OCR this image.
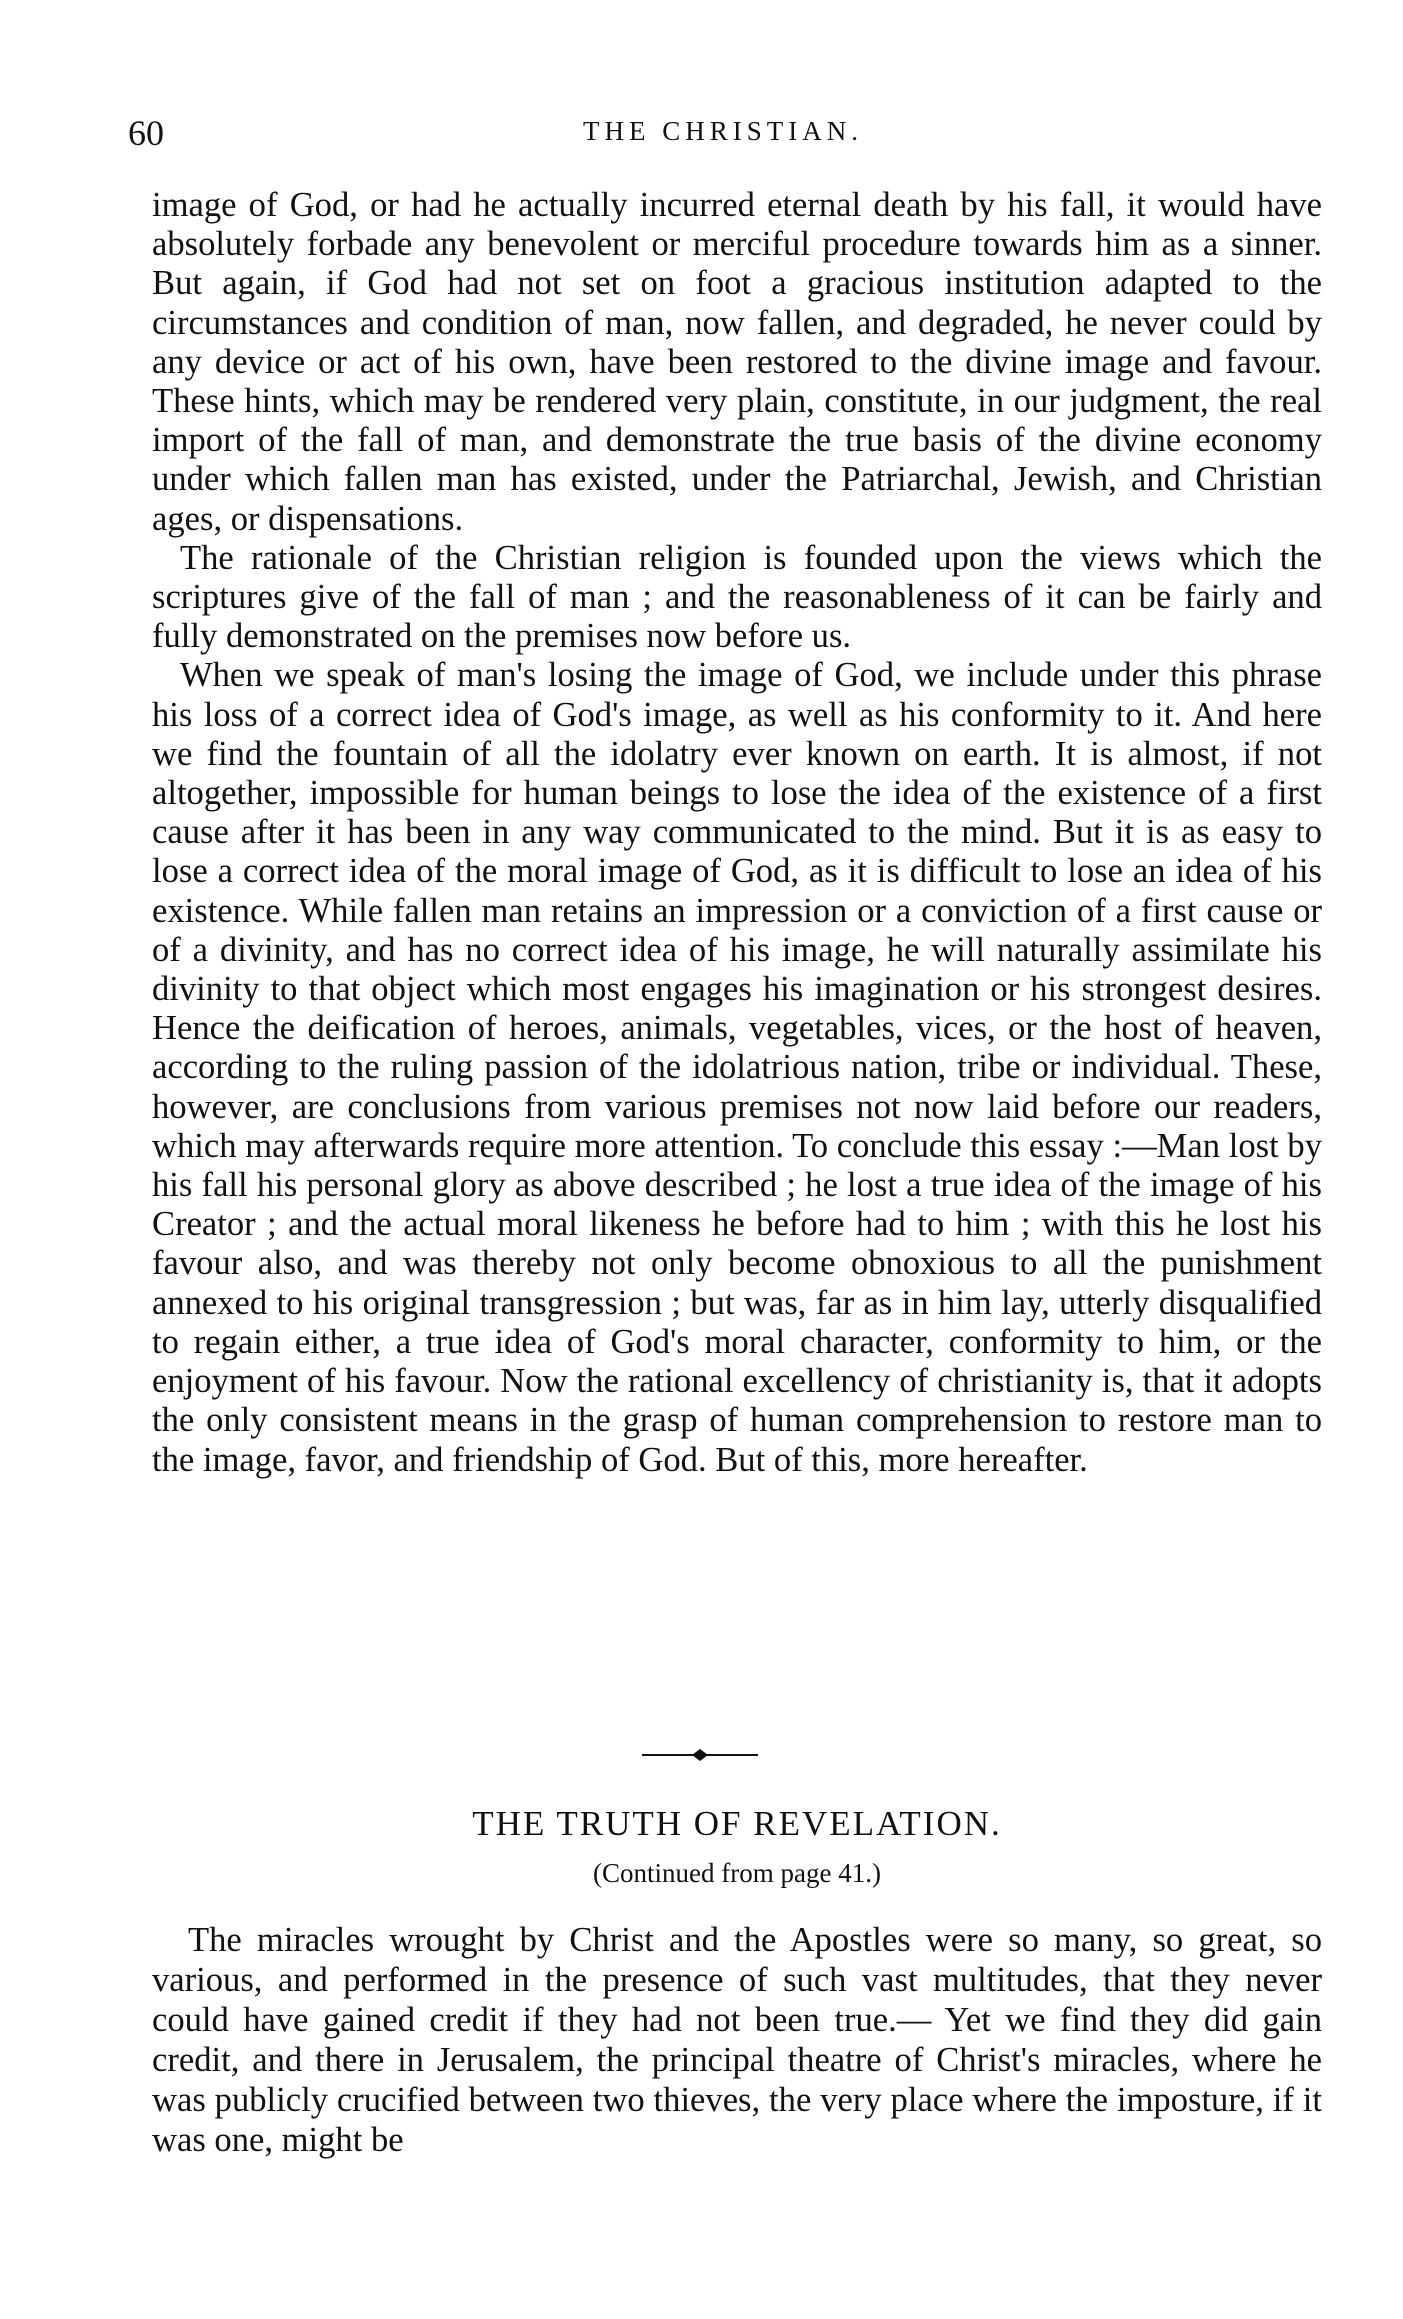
60	THE CHRISTIAN.

image of God, or had he actually incurred eternal death by his fall, it would have absolutely forbade any benevolent or merciful procedure towards him as a sinner. But again, if God had not set on foot a gracious institution adapted to the circumstances and condition of man, now fallen, and degraded, he never could by any device or act of his own, have been restored to the divine image and favour. These hints, which may be rendered very plain, constitute, in our judgment, the real import of the fall of man, and demonstrate the true basis of the divine economy under which fallen man has existed, under the Patriarchal, Jewish, and Christian ages, or dispensations.

The rationale of the Christian religion is founded upon the views which the scriptures give of the fall of man ; and the reasonableness of it can be fairly and fully demonstrated on the premises now before us.

When we speak of man's losing the image of God, we include under this phrase his loss of a correct idea of God's image, as well as his conformity to it. And here we find the fountain of all the idolatry ever known on earth. It is almost, if not altogether, impossible for human beings to lose the idea of the existence of a first cause after it has been in any way communicated to the mind. But it is as easy to lose a correct idea of the moral image of God, as it is difficult to lose an idea of his existence. While fallen man retains an impression or a conviction of a first cause or of a divinity, and has no correct idea of his image, he will naturally assimilate his divinity to that object which most engages his imagination or his strongest desires. Hence the deification of heroes, animals, vegetables, vices, or the host of heaven, according to the ruling passion of the idolatrious nation, tribe or individual. These, however, are conclusions from various premises not now laid before our readers, which may afterwards require more attention. To conclude this essay :—Man lost by his fall his personal glory as above described ; he lost a true idea of the image of his Creator ; and the actual moral likeness he before had to him ; with this he lost his favour also, and was thereby not only become obnoxious to all the punishment annexed to his original transgression ; but was, far as in him lay, utterly disqualified to regain either, a true idea of God's moral character, conformity to him, or the enjoyment of his favour. Now the rational excellency of christianity is, that it adopts the only consistent means in the grasp of human comprehension to restore man to the image, favor, and friendship of God. But of this, more hereafter.

THE TRUTH OF REVELATION.
(Continued from page 41.)

The miracles wrought by Christ and the Apostles were so many, so great, so various, and performed in the presence of such vast multitudes, that they never could have gained credit if they had not been true.— Yet we find they did gain credit, and there in Jerusalem, the principal theatre of Christ's miracles, where he was publicly crucified between two thieves, the very place where the imposture, if it was one, might be
